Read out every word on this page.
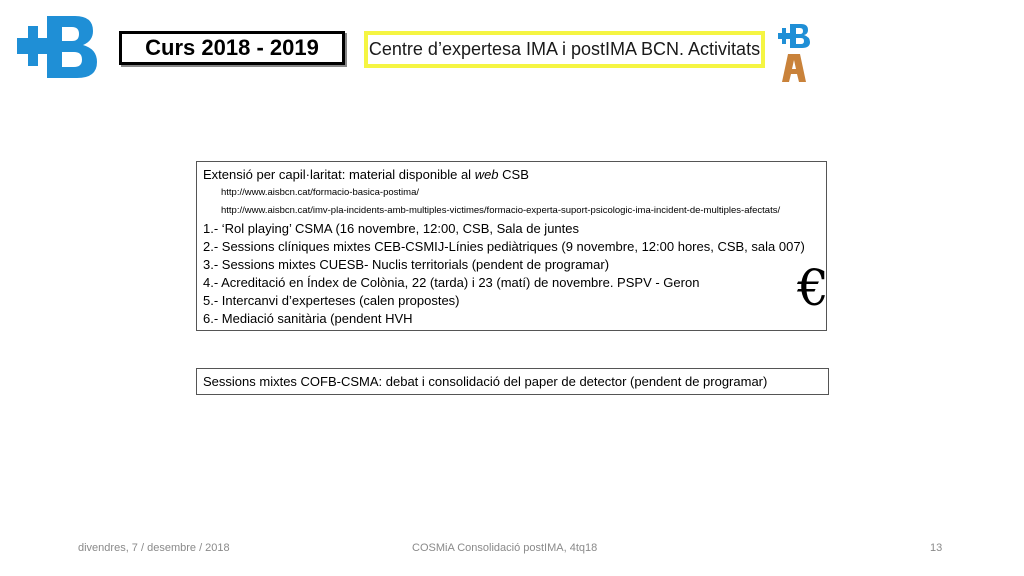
Curs 2018 - 2019	Centre d’expertesa IMA i postIMA BCN. Activitats
Extensió per capil·laritat: material disponible al web CSB
http://www.aisbcn.cat/formacio-basica-postima/
http://www.aisbcn.cat/imv-pla-incidents-amb-multiples-victimes/formacio-experta-suport-psicologic-ima-incident-de-multiples-afectats/
1.- ‘Rol playing’ CSMA (16 novembre, 12:00, CSB, Sala de juntes
2.- Sessions clíniques mixtes CEB-CSMIJ-Línies pediàtriques (9 novembre, 12:00 hores, CSB, sala 007)
3.- Sessions mixtes CUESB- Nuclis territorials (pendent de programar)
4.- Acreditació en Índex de Colònia, 22 (tarda) i 23 (matí) de novembre. PSPV - Geron
5.- Intercanvi d’experteses (calen propostes)
6.- Mediació sanitària (pendent HVH
€
Sessions mixtes COFB-CSMA: debat i consolidació del paper de detector (pendent de programar)
divendres, 7 / desembre / 2018	COSMiA Consolidació postIMA, 4tq18	13
